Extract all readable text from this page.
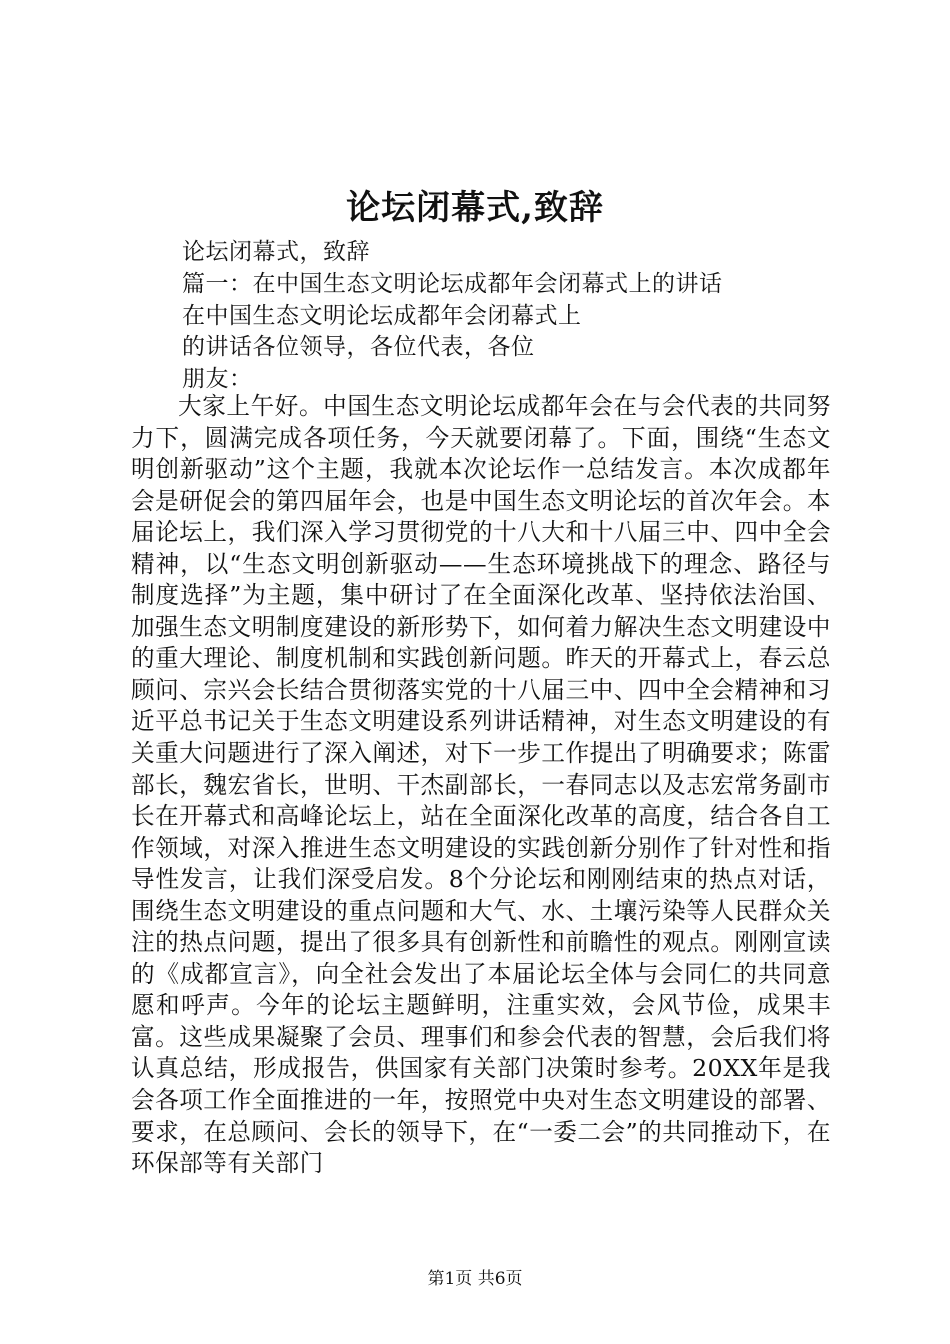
论坛闭幕式,致辞
论坛闭幕式，致辞
篇一：在中国生态文明论坛成都年会闭幕式上的讲话
在中国生态文明论坛成都年会闭幕式上
的讲话各位领导，各位代表，各位
朋友：

大家上午好。中国生态文明论坛成都年会在与会代表的共同努力下，圆满完成各项任务，今天就要闭幕了。下面，围绕“生态文明创新驱动”这个主题，我就本次论坛作一总结发言。本次成都年会是研促会的第四届年会，也是中国生态文明论坛的首次年会。本届论坛上，我们深入学习贯彻党的十八大和十八届三中、四中全会精神，以“生态文明创新驱动——生态环境挑战下的理念、路径与制度选择”为主题，集中研讨了在全面深化改革、坚持依法治国、加强生态文明制度建设的新形势下，如何着力解决生态文明建设中的重大理论、制度机制和实践创新问题。昨天的开幕式上，春云总顾问、宗兴会长结合贯彻落实党的十八届三中、四中全会精神和习近平总书记关于生态文明建设系列讲话精神，对生态文明建设的有关重大问题进行了深入阐述，对下一步工作提出了明确要求；陈雷部长，魏宏省长，世明、干杰副部长，一春同志以及志宏常务副市长在开幕式和高峰论坛上，站在全面深化改革的高度，结合各自工作领域，对深入推进生态文明建设的实践创新分别作了针对性和指导性发言，让我们深受启发。8个分论坛和刚刚结束的热点对话，围绕生态文明建设的重点问题和大气、水、土壤污染等人民群众关注的热点问题，提出了很多具有创新性和前瞻性的观点。刚刚宣读的《成都宣言》，向全社会发出了本届论坛全体与会同仁的共同意愿和呼声。今年的论坛主题鲜明，注重实效，会风节俭，成果丰富。这些成果凝聚了会员、理事们和参会代表的智慧，会后我们将认真总结，形成报告，供国家有关部门决策时参考。20XX年是我会各项工作全面推进的一年，按照党中央对生态文明建设的部署、要求，在总顾问、会长的领导下，在“一委二会”的共同推动下，在环保部等有关部门

第1页 共6页
